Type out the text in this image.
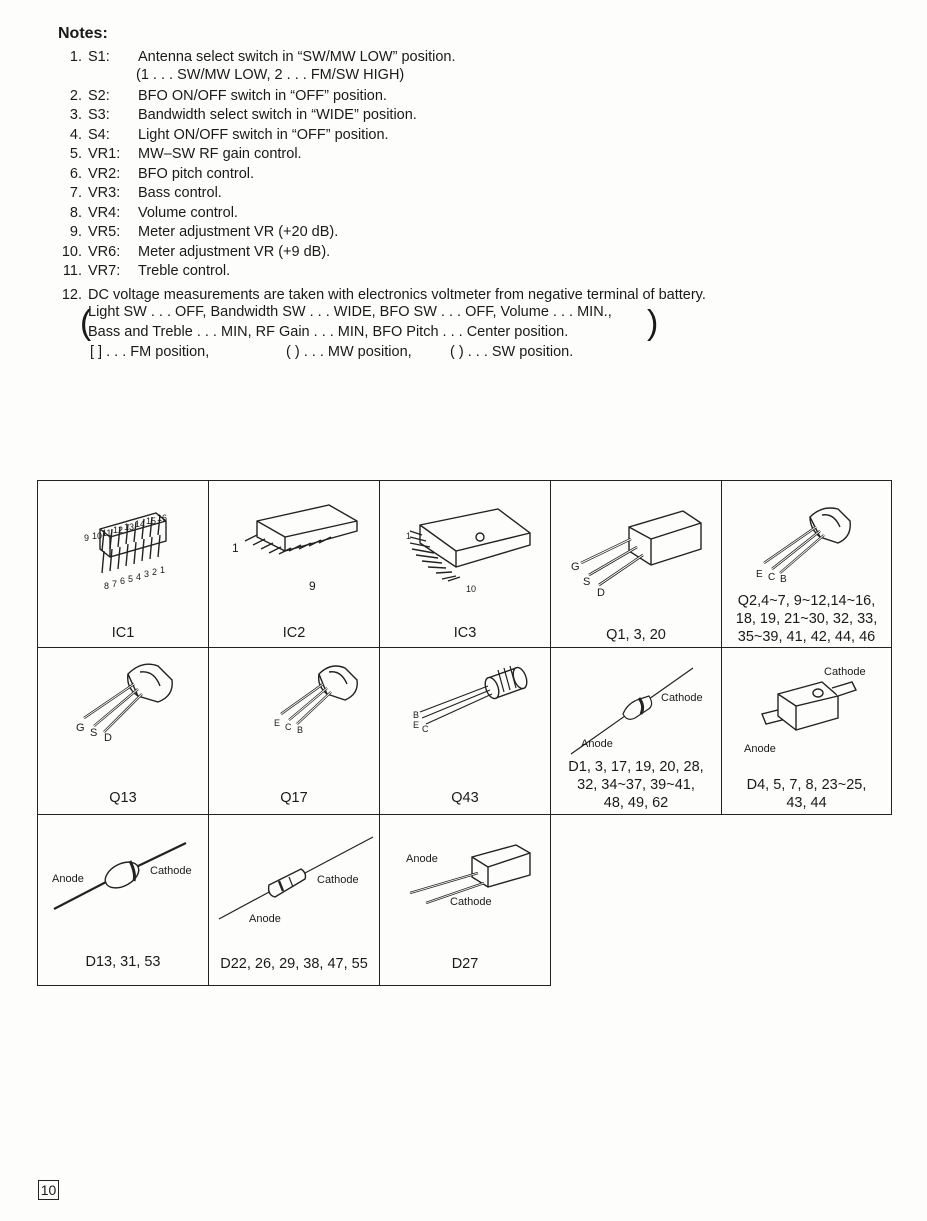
Notes:
1. S1: Antenna select switch in “SW/MW LOW” position.
(1 . . . SW/MW LOW, 2 . . . FM/SW HIGH)
2. S2: BFO ON/OFF switch in “OFF” position.
3. S3: Bandwidth select switch in “WIDE” position.
4. S4: Light ON/OFF switch in “OFF” position.
5. VR1: MW–SW RF gain control.
6. VR2: BFO pitch control.
7. VR3: Bass control.
8. VR4: Volume control.
9. VR5: Meter adjustment VR (+20 dB).
10. VR6: Meter adjustment VR (+9 dB).
11. VR7: Treble control.
12. DC voltage measurements are taken with electronics voltmeter from negative terminal of battery.
(
Light SW . . . OFF, Bandwidth SW . . . WIDE, BFO SW . . . OFF, Volume . . . MIN.,
Bass and Treble . . . MIN, RF Gain . . . MIN, BFO Pitch . . . Center position. )
[ ] . . . FM position,	( ) . . . MW position,	( ) . . . SW position.
9 10 11 12 13 14 15 16
8 7 6 5 4 3 2 1
IC1
1
9
IC2
1
10
IC3
G
S
D
Q1, 3, 20
E C B
Q2,4~7, 9~12,14~16,
18, 19, 21~30, 32, 33,
35~39, 41, 42, 44, 46
G S D
Q13
E C B
Q17
B
E C
Q43
Cathode
Anode
D1, 3, 17, 19, 20, 28,
32, 34~37, 39~41,
48, 49, 62
Cathode
Anode
D4, 5, 7, 8, 23~25,
43, 44
Anode
Cathode
D13, 31, 53
Cathode
Anode
D22, 26, 29, 38, 47, 55
Anode
Cathode
D27
10
